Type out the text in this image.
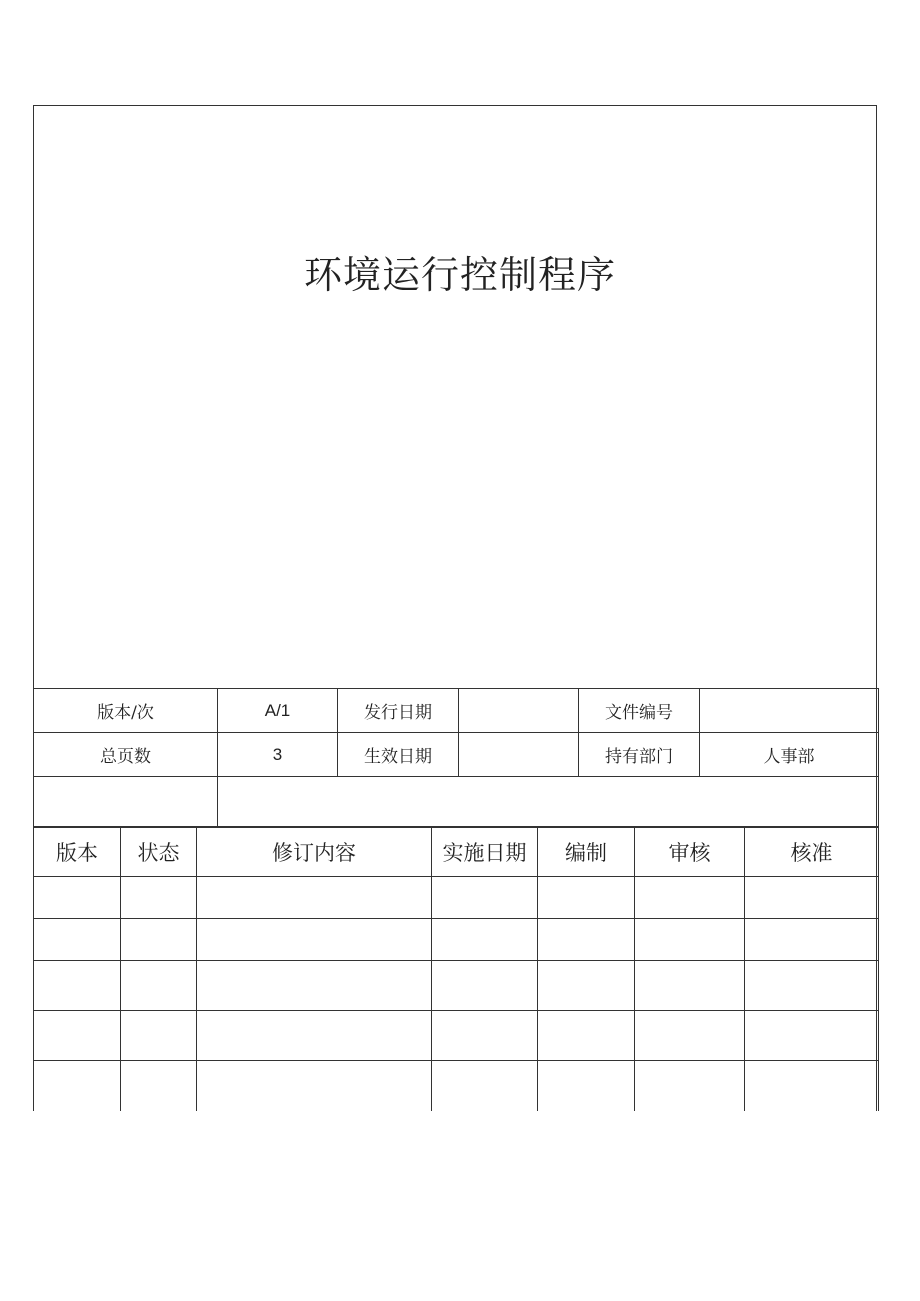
环境运行控制程序
版本/次	A/1	发行日期		文件编号	
总页数	3	生效日期		持有部门	人事部

版本	状态	修订内容	实施日期	编制	审核	核准
